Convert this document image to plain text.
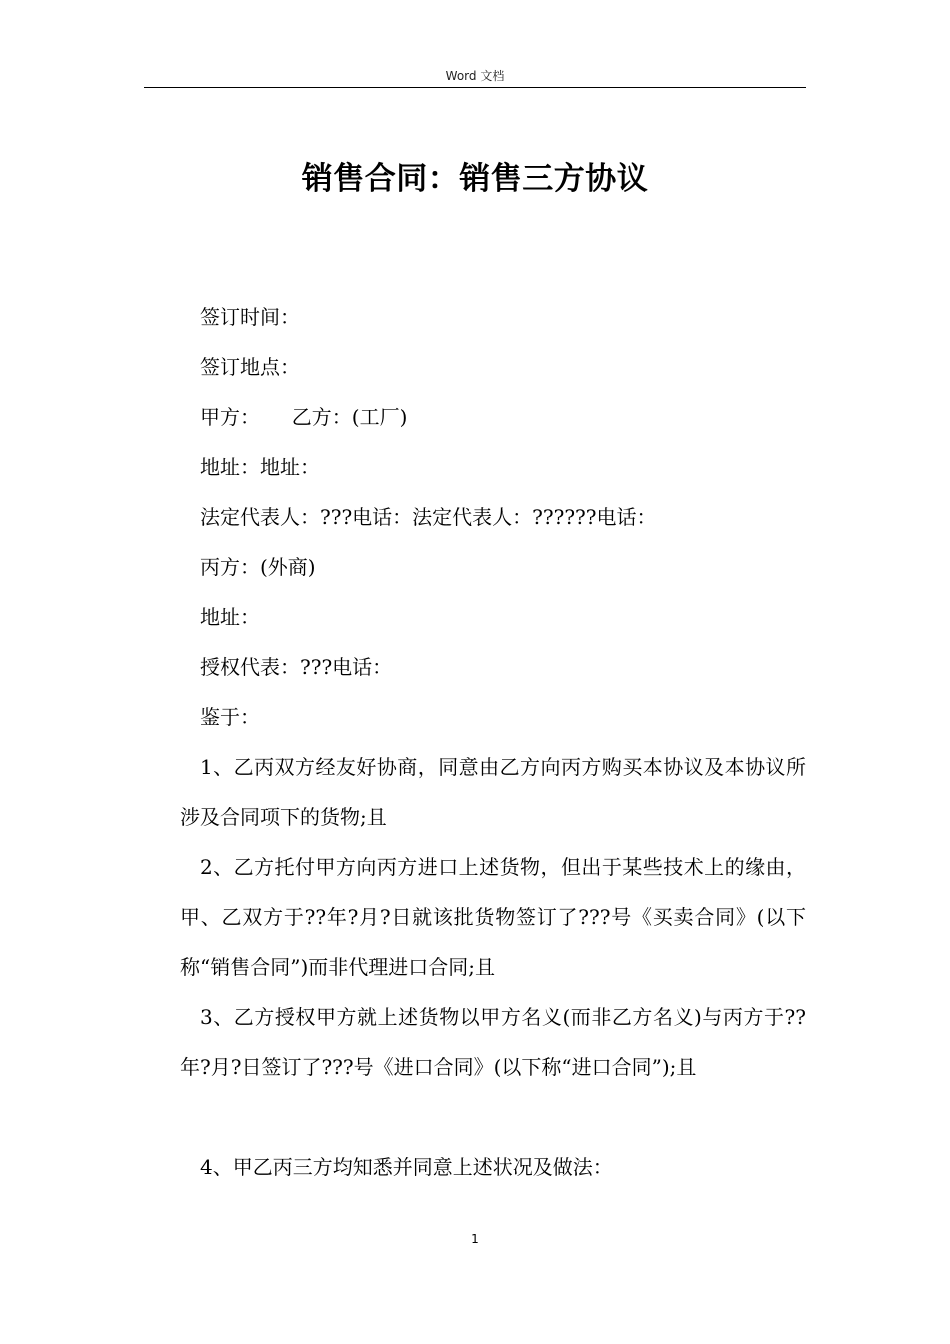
Word 文档
销售合同：销售三方协议

签订时间：

签订地点：

甲方：     乙方：(工厂)

地址：地址：

法定代表人：???电话：法定代表人：??????电话：

丙方：(外商)

地址：

授权代表：???电话：

鉴于：

1、乙丙双方经友好协商，同意由乙方向丙方购买本协议及本协议所涉及合同项下的货物;且

2、乙方托付甲方向丙方进口上述货物，但出于某些技术上的缘由，甲、乙双方于??年?月?日就该批货物签订了???号《买卖合同》(以下称“销售合同”)而非代理进口合同;且

3、乙方授权甲方就上述货物以甲方名义(而非乙方名义)与丙方于??年?月?日签订了???号《进口合同》(以下称“进口合同”);且

4、甲乙丙三方均知悉并同意上述状况及做法：

1
